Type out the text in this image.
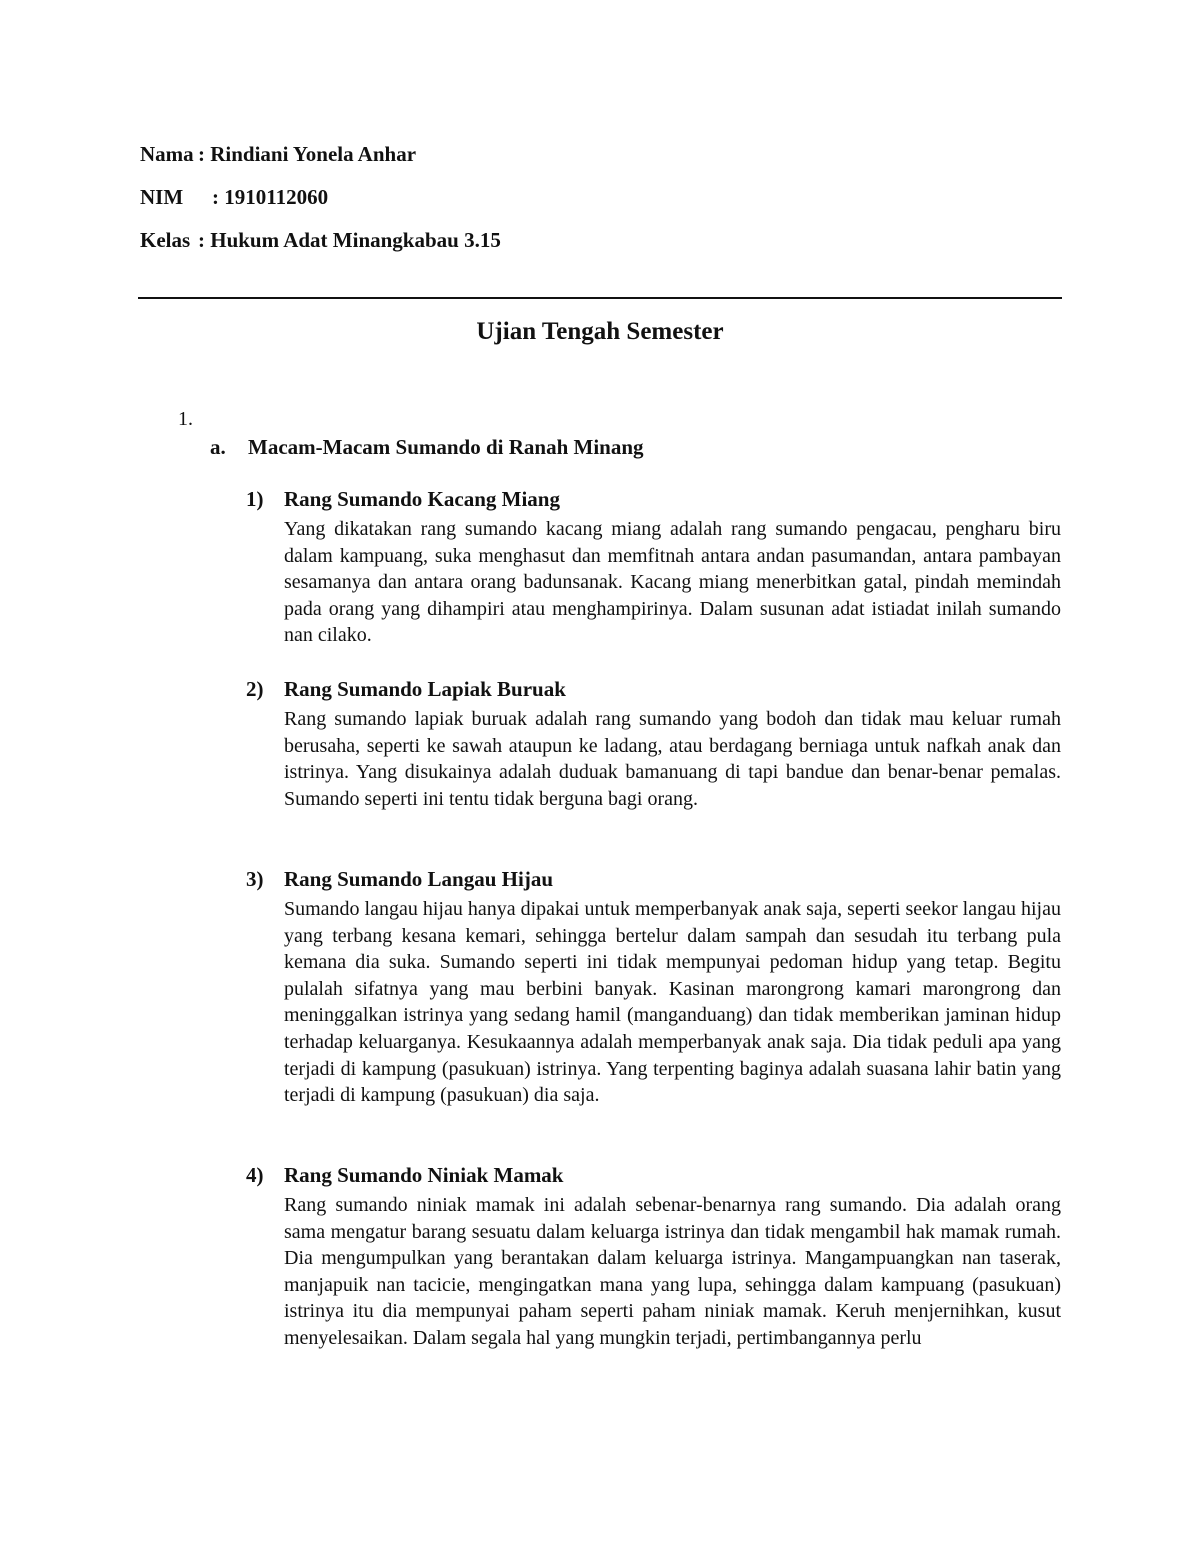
Nama : Rindiani Yonela Anhar
NIM	: 1910112060
Kelas : Hukum Adat Minangkabau 3.15
Ujian Tengah Semester
1.
a. Macam-Macam Sumando di Ranah Minang
1) Rang Sumando Kacang Miang
Yang dikatakan rang sumando kacang miang adalah rang sumando pengacau, pengharu biru dalam kampuang, suka menghasut dan memfitnah antara andan pasumandan, antara pambayan sesamanya dan antara orang badunsanak. Kacang miang menerbitkan gatal, pindah memindah pada orang yang dihampiri atau menghampirinya. Dalam susunan adat istiadat inilah sumando nan cilako.
2) Rang Sumando Lapiak Buruak
Rang sumando lapiak buruak adalah rang sumando yang bodoh dan tidak mau keluar rumah berusaha, seperti ke sawah ataupun ke ladang, atau berdagang berniaga untuk nafkah anak dan istrinya. Yang disukainya adalah duduak bamanuang di tapi bandue dan benar-benar pemalas. Sumando seperti ini tentu tidak berguna bagi orang.
3) Rang Sumando Langau Hijau
Sumando langau hijau hanya dipakai untuk memperbanyak anak saja, seperti seekor langau hijau yang terbang kesana kemari, sehingga bertelur dalam sampah dan sesudah itu terbang pula kemana dia suka. Sumando seperti ini tidak mempunyai pedoman hidup yang tetap. Begitu pulalah sifatnya yang mau berbini banyak. Kasinan marongrong kamari marongrong dan meninggalkan istrinya yang sedang hamil (manganduang) dan tidak memberikan jaminan hidup terhadap keluarganya. Kesukaannya adalah memperbanyak anak saja. Dia tidak peduli apa yang terjadi di kampung (pasukuan) istrinya. Yang terpenting baginya adalah suasana lahir batin yang terjadi di kampung (pasukuan) dia saja.
4) Rang Sumando Niniak Mamak
Rang sumando niniak mamak ini adalah sebenar-benarnya rang sumando. Dia adalah orang sama mengatur barang sesuatu dalam keluarga istrinya dan tidak mengambil hak mamak rumah. Dia mengumpulkan yang berantakan dalam keluarga istrinya. Mangampuangkan nan taserak, manjapuik nan tacicie, mengingatkan mana yang lupa, sehingga dalam kampuang (pasukuan) istrinya itu dia mempunyai paham seperti paham niniak mamak. Keruh menjernihkan, kusut menyelesaikan. Dalam segala hal yang mungkin terjadi, pertimbangannya perlu
